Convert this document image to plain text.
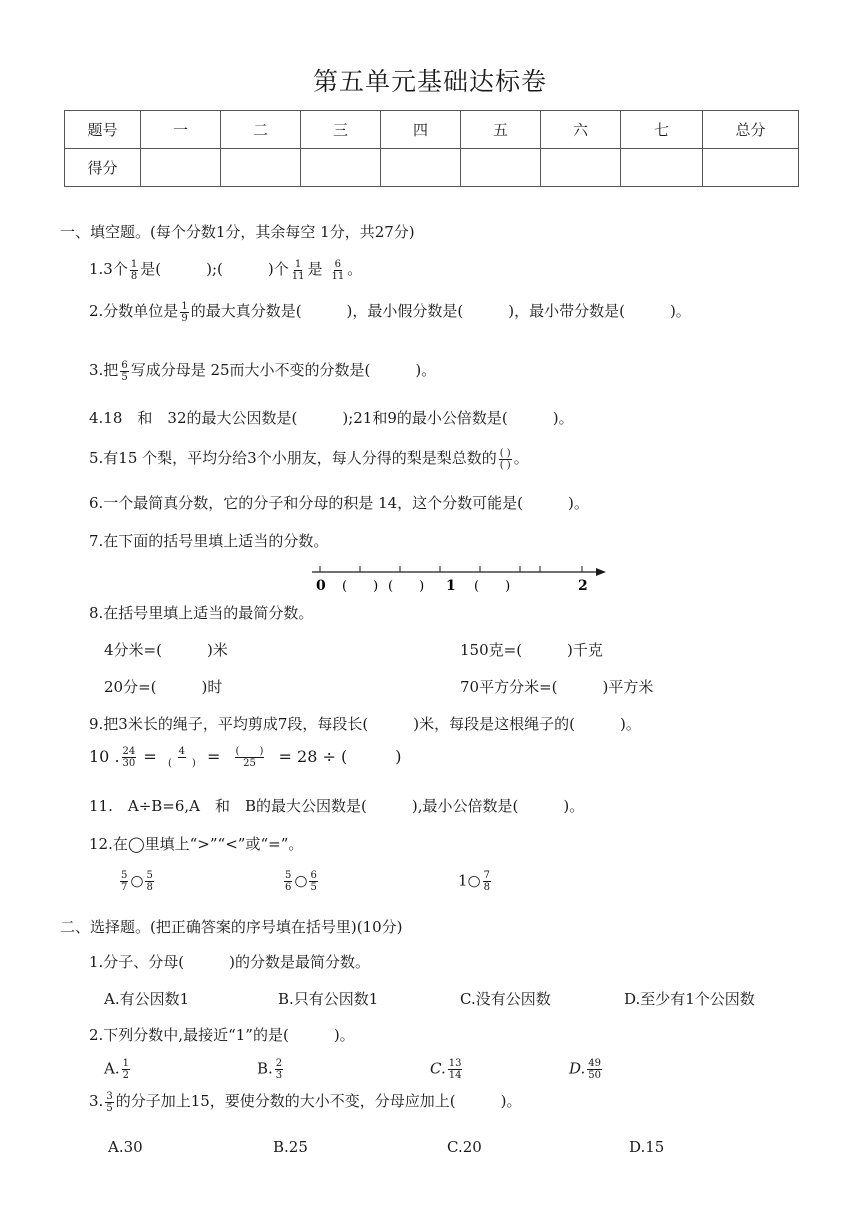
第五单元基础达标卷
题号	一	二	三	四	五	六	七	总分
得分								
一、填空题。(每个分数1分，其余每空 1分，共27分)
1.3个 $\frac{1}{8}$ 是(　　　);(　　　)个 $\frac{1}{11}$ 是 $\frac{6}{11}$ 。
2.分数单位是 $\frac{1}{9}$ 的最大真分数是(　　　)，最小假分数是(　　　)，最小带分数是(　　　)。
3.把 $\frac{6}{5}$ 写成分母是 25而大小不变的分数是(　　　)。
4.18　和　32的最大公因数是(　　　);21和9的最小公倍数是(　　　)。
5.有15 个梨，平均分给3个小朋友，每人分得的梨是梨总数的 $\frac{( )}{( )}$ 。
6.一个最简真分数，它的分子和分母的积是 14，这个分数可能是(　　　)。
7.在下面的括号里填上适当的分数。
0 (　　) (　　) 1 (　　)	2
8.在括号里填上适当的最简分数。
4分米=(　　　)米	150克=(　　　)千克
20分=(　　　)时	70平方分米=(　　　)平方米
9.把3米长的绳子，平均剪成7段，每段长(　　　)米，每段是这根绳子的(　　　)。
10 . $\frac{24}{30} = \frac{4}{( )} = \frac{( )}{25} = 28$ ÷ (　　　)
11.　A÷B=6,A　和　B的最大公因数是(　　　),最小公倍数是(　　　)。
12.在◯里填上“>”“<”或“=”。
$\frac{5}{7}$ ○ $\frac{5}{8}$	$\frac{5}{6}$ ○ $\frac{6}{5}$	1○ $\frac{7}{8}$
二、选择题。(把正确答案的序号填在括号里)(10分)
1.分子、分母(　　　)的分数是最简分数。
A.有公因数1	B.只有公因数1	C.没有公因数	D.至少有1个公因数
2.下列分数中,最接近“1”的是(　　　)。
A. $\frac{1}{2}$	B. $\frac{2}{3}$	C. $\frac{13}{14}$	D. $\frac{49}{50}$
3. $\frac{3}{5}$ 的分子加上15，要使分数的大小不变，分母应加上(　　　)。
A.30	B.25	C.20	D.15
